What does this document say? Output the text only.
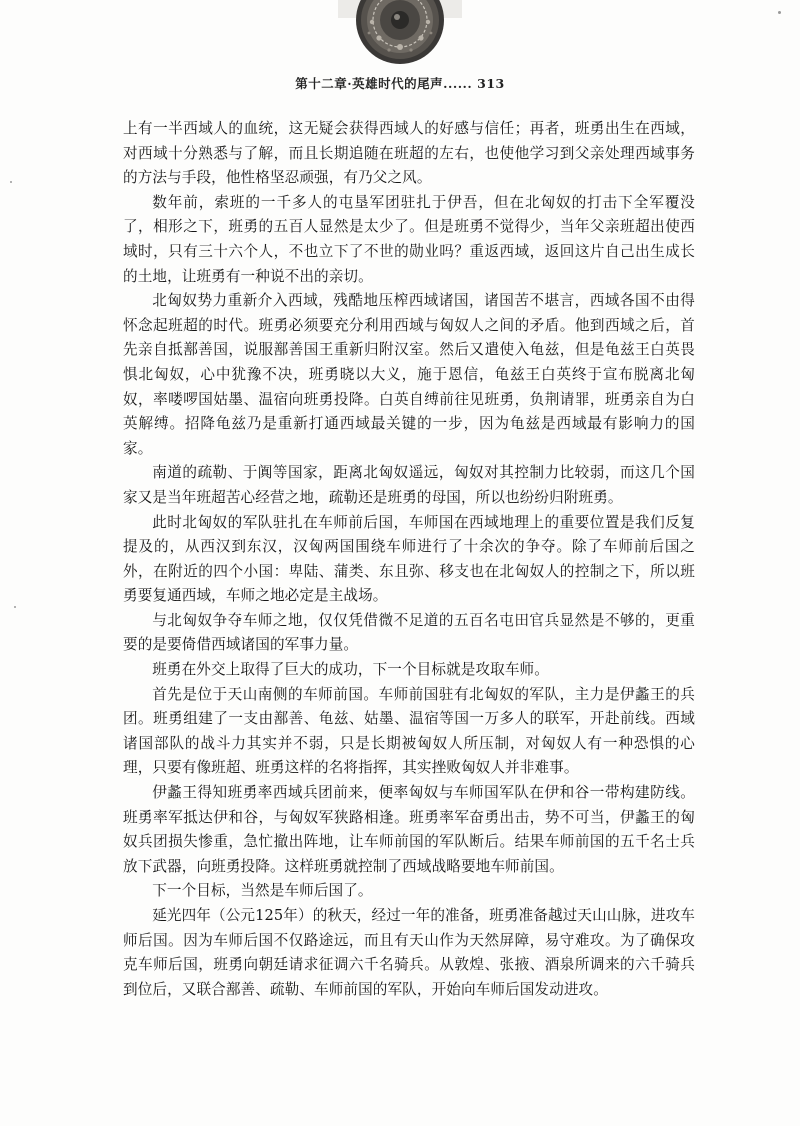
第十二章·英雄时代的尾声...... 313

上有一半西域人的血统，这无疑会获得西域人的好感与信任；再者，班勇出生在西域，对西域十分熟悉与了解，而且长期追随在班超的左右，也使他学习到父亲处理西域事务的方法与手段，他性格坚忍顽强，有乃父之风。

数年前，索班的一千多人的屯垦军团驻扎于伊吾，但在北匈奴的打击下全军覆没了，相形之下，班勇的五百人显然是太少了。但是班勇不觉得少，当年父亲班超出使西域时，只有三十六个人，不也立下了不世的勋业吗？重返西域，返回这片自己出生成长的土地，让班勇有一种说不出的亲切。

北匈奴势力重新介入西域，残酷地压榨西域诸国，诸国苦不堪言，西域各国不由得怀念起班超的时代。班勇必须要充分利用西域与匈奴人之间的矛盾。他到西域之后，首先亲自抵鄯善国，说服鄯善国王重新归附汉室。然后又遣使入龟兹，但是龟兹王白英畏惧北匈奴，心中犹豫不决，班勇晓以大义，施于恩信，龟兹王白英终于宣布脱离北匈奴，率喽啰国姑墨、温宿向班勇投降。白英自缚前往见班勇，负荆请罪，班勇亲自为白英解缚。招降龟兹乃是重新打通西域最关键的一步，因为龟兹是西域最有影响力的国家。

南道的疏勒、于阗等国家，距离北匈奴遥远，匈奴对其控制力比较弱，而这几个国家又是当年班超苦心经营之地，疏勒还是班勇的母国，所以也纷纷归附班勇。

此时北匈奴的军队驻扎在车师前后国，车师国在西域地理上的重要位置是我们反复提及的，从西汉到东汉，汉匈两国围绕车师进行了十余次的争夺。除了车师前后国之外，在附近的四个小国：卑陆、蒲类、东且弥、移支也在北匈奴人的控制之下，所以班勇要复通西域，车师之地必定是主战场。

与北匈奴争夺车师之地，仅仅凭借微不足道的五百名屯田官兵显然是不够的，更重要的是要倚借西域诸国的军事力量。

班勇在外交上取得了巨大的成功，下一个目标就是攻取车师。

首先是位于天山南侧的车师前国。车师前国驻有北匈奴的军队，主力是伊蠡王的兵团。班勇组建了一支由鄯善、龟兹、姑墨、温宿等国一万多人的联军，开赴前线。西域诸国部队的战斗力其实并不弱，只是长期被匈奴人所压制，对匈奴人有一种恐惧的心理，只要有像班超、班勇这样的名将指挥，其实挫败匈奴人并非难事。

伊蠡王得知班勇率西域兵团前来，便率匈奴与车师国军队在伊和谷一带构建防线。班勇率军抵达伊和谷，与匈奴军狭路相逢。班勇率军奋勇出击，势不可当，伊蠡王的匈奴兵团损失惨重，急忙撤出阵地，让车师前国的军队断后。结果车师前国的五千名士兵放下武器，向班勇投降。这样班勇就控制了西域战略要地车师前国。

下一个目标，当然是车师后国了。

延光四年（公元125年）的秋天，经过一年的准备，班勇准备越过天山山脉，进攻车师后国。因为车师后国不仅路途远，而且有天山作为天然屏障，易守难攻。为了确保攻克车师后国，班勇向朝廷请求征调六千名骑兵。从敦煌、张掖、酒泉所调来的六千骑兵到位后，又联合鄯善、疏勒、车师前国的军队，开始向车师后国发动进攻。
